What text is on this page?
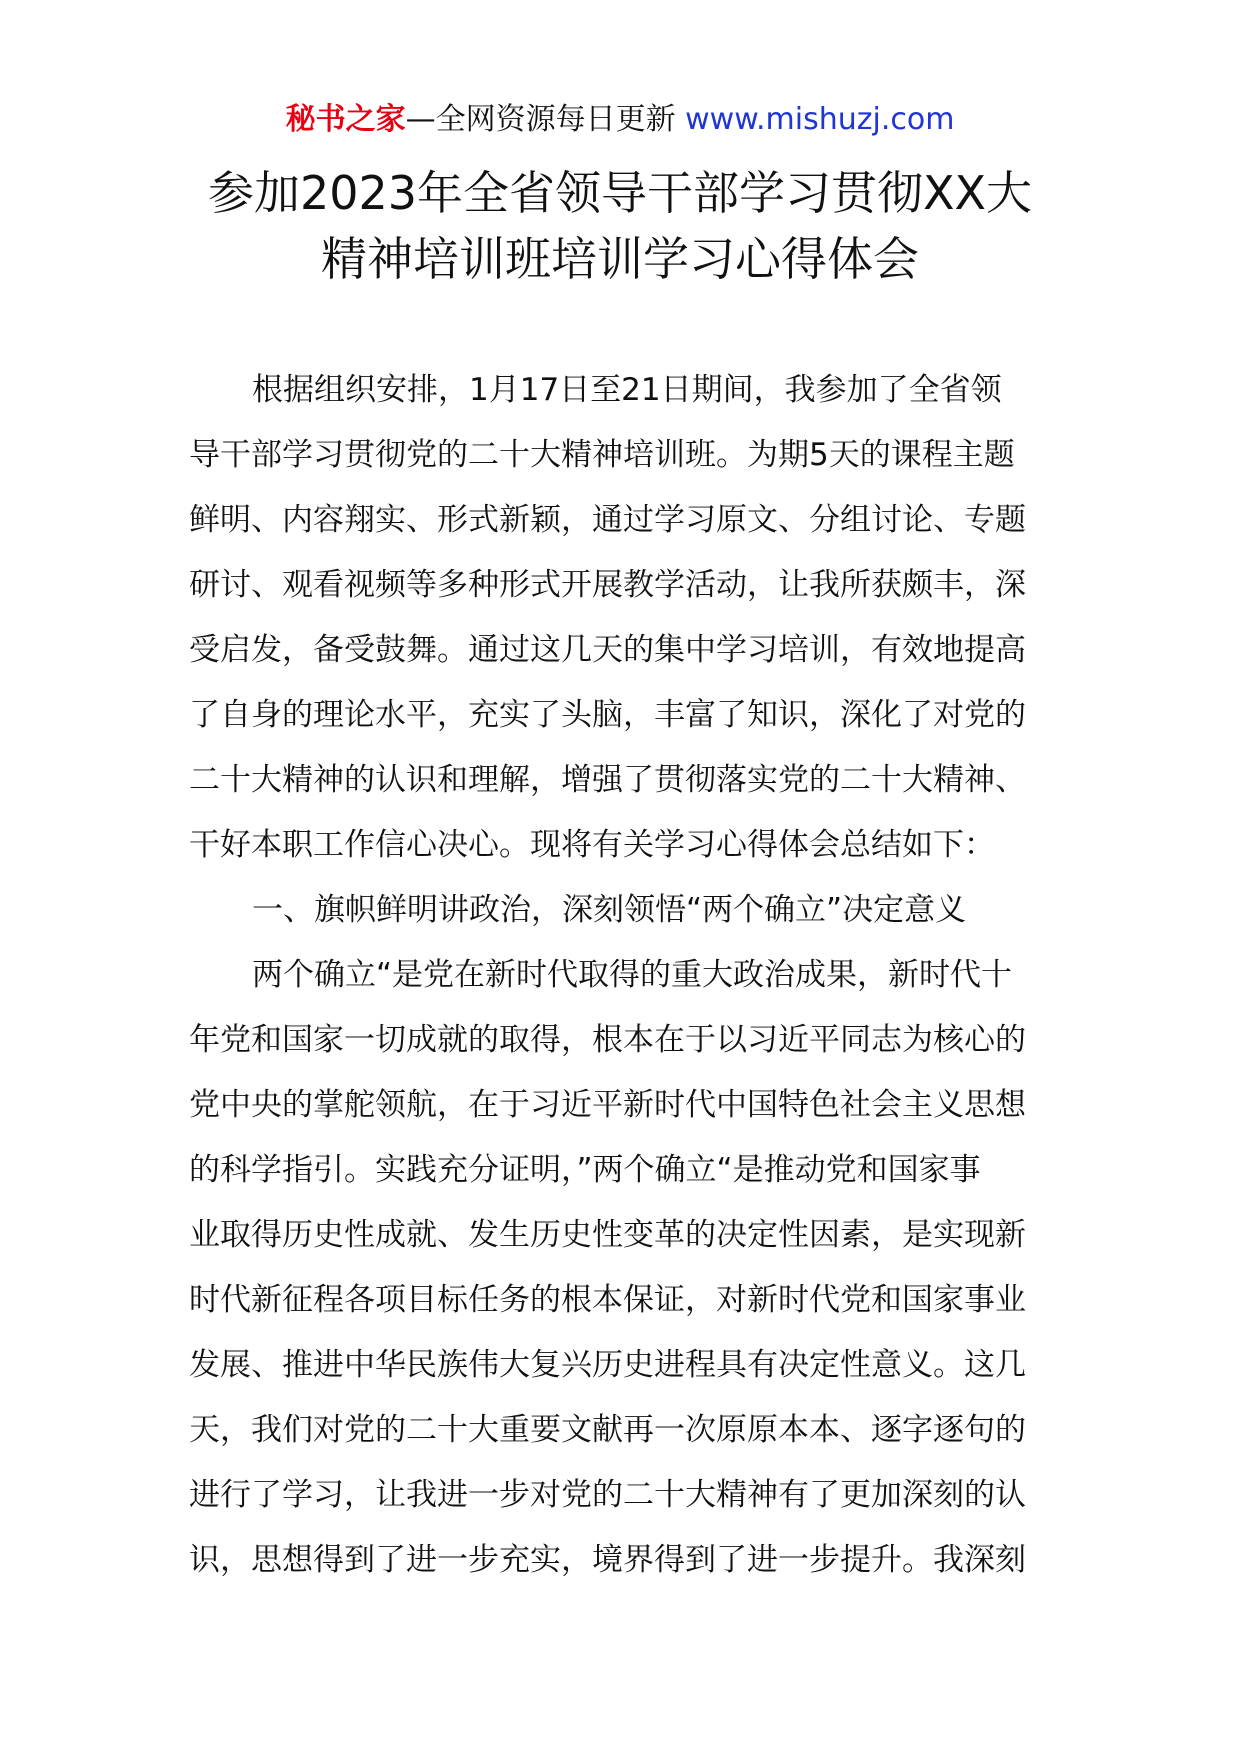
秘书之家—全网资源每日更新 www.mishuzj.com
参加2023年全省领导干部学习贯彻XX大
精神培训班培训学习心得体会
根据组织安排，1月17日至21日期间，我参加了全省领
导干部学习贯彻党的二十大精神培训班。为期5天的课程主题
鲜明、内容翔实、形式新颖，通过学习原文、分组讨论、专题
研讨、观看视频等多种形式开展教学活动，让我所获颇丰，深
受启发，备受鼓舞。通过这几天的集中学习培训，有效地提高
了自身的理论水平，充实了头脑，丰富了知识，深化了对党的
二十大精神的认识和理解，增强了贯彻落实党的二十大精神、
干好本职工作信心决心。现将有关学习心得体会总结如下：
一、旗帜鲜明讲政治，深刻领悟“两个确立”决定意义
两个确立“是党在新时代取得的重大政治成果，新时代十
年党和国家一切成就的取得，根本在于以习近平同志为核心的
党中央的掌舵领航，在于习近平新时代中国特色社会主义思想
的科学指引。实践充分证明，”两个确立“是推动党和国家事
业取得历史性成就、发生历史性变革的决定性因素，是实现新
时代新征程各项目标任务的根本保证，对新时代党和国家事业
发展、推进中华民族伟大复兴历史进程具有决定性意义。这几
天，我们对党的二十大重要文献再一次原原本本、逐字逐句的
进行了学习，让我进一步对党的二十大精神有了更加深刻的认
识，思想得到了进一步充实，境界得到了进一步提升。我深刻
